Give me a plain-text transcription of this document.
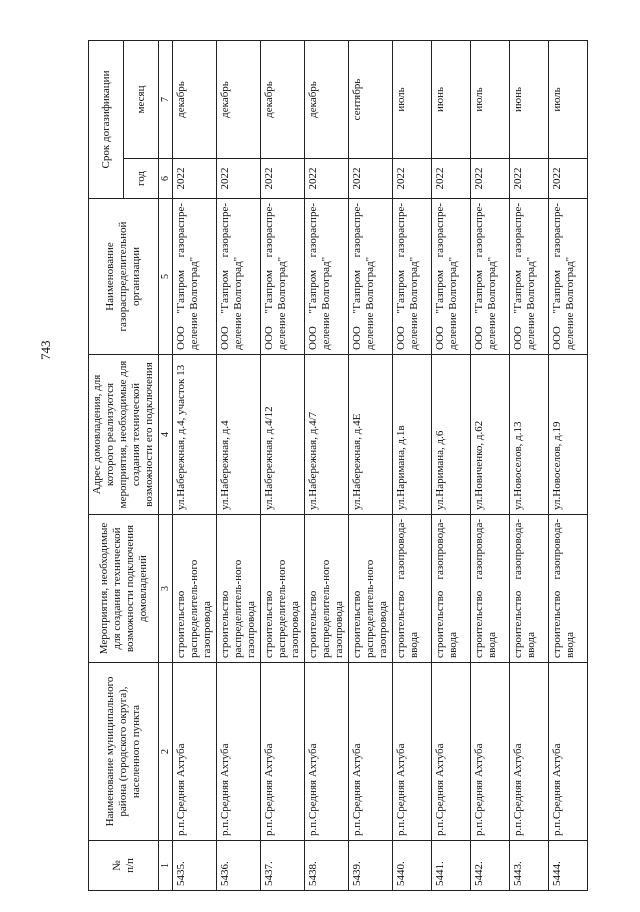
743
№
п/п	Наименование муниципального района (городского округа), населенного пункта	Мероприятия, необходимые для создания технической возможности подключения домовладений	Адрес домовладения, для которого реализуются мероприятия, необходимые для создания технической возможности его подключения	Наименование газораспределительной организации	Срок догазификации	
					год	месяц
1	2	3	4	5	6	7
5435.	р.п.Средняя Ахтуба	строительство распределитель-ного газопровода	ул.Набережная, д.4, участок 13	ООО "Газпром газораспре-деление Волгоград"	2022	декабрь
5436.	р.п.Средняя Ахтуба	строительство распределитель-ного газопровода	ул.Набережная, д.4	ООО "Газпром газораспре-деление Волгоград"	2022	декабрь
5437.	р.п.Средняя Ахтуба	строительство распределитель-ного газопровода	ул.Набережная, д.4/12	ООО "Газпром газораспре-деление Волгоград"	2022	декабрь
5438.	р.п.Средняя Ахтуба	строительство распределитель-ного газопровода	ул.Набережная, д.4/7	ООО "Газпром газораспре-деление Волгоград"	2022	декабрь
5439.	р.п.Средняя Ахтуба	строительство распределитель-ного газопровода	ул.Набережная, д.4Е	ООО "Газпром газораспре-деление Волгоград"	2022	сентябрь
5440.	р.п.Средняя Ахтуба	строительство газопровода-ввода	ул.Нариманa, д.1в	ООО "Газпром газораспре-деление Волгоград"	2022	июль
5441.	р.п.Средняя Ахтуба	строительство газопровода-ввода	ул.Нариманa, д.6	ООО "Газпром газораспре-деление Волгоград"	2022	июнь
5442.	р.п.Средняя Ахтуба	строительство газопровода-ввода	ул.Новиченко, д.62	ООО "Газпром газораспре-деление Волгоград"	2022	июль
5443.	р.п.Средняя Ахтуба	строительство газопровода-ввода	ул.Новоселов, д.13	ООО "Газпром газораспре-деление Волгоград"	2022	июнь
5444.	р.п.Средняя Ахтуба	строительство газопровода-ввода	ул.Новоселов, д.19	ООО "Газпром газораспре-деление Волгоград"	2022	июль
